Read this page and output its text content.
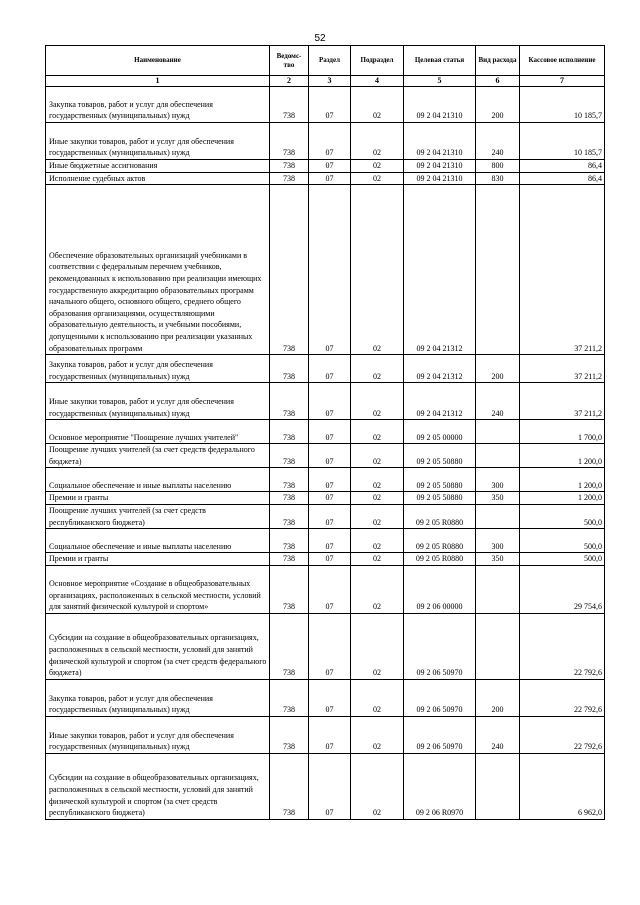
52
Наименование	Ведомс-тво	Раздел	Подраздел	Целевая статья	Вид расхода	Кассовое исполнение
1	2	3	4	5	6	7
Закупка товаров, работ и услуг для обеспечения государственных (муниципальных) нужд	738	07	02	09 2 04 21310	200	10 185,7
Иные закупки товаров, работ и услуг для обеспечения государственных (муниципальных) нужд	738	07	02	09 2 04 21310	240	10 185,7
Иные бюджетные ассигнования	738	07	02	09 2 04 21310	800	86,4
Исполнение судебных актов	738	07	02	09 2 04 21310	830	86,4
Обеспечение образовательных организаций учебниками в соответствии с федеральным перечнем учебников, рекомендованных к использованию при реализации имеющих государственную аккредитацию образовательных программ начального общего, основного общего, среднего общего образования организациями, осуществляющими образовательную деятельность, и учебными пособиями, допущенными к использованию при реализации указанных образовательных программ	738	07	02	09 2 04 21312		37 211,2
Закупка товаров, работ и услуг для обеспечения государственных (муниципальных) нужд	738	07	02	09 2 04 21312	200	37 211,2
Иные закупки товаров, работ и услуг для обеспечения государственных (муниципальных) нужд	738	07	02	09 2 04 21312	240	37 211,2
Основное мероприятие "Поощрение лучших учителей"	738	07	02	09 2 05 00000		1 700,0
Поощрение лучших учителей (за счет средств федерального бюджета)	738	07	02	09 2 05 50880		1 200,0
Социальное обеспечение и иные выплаты населению	738	07	02	09 2 05 50880	300	1 200,0
Премии и гранты	738	07	02	09 2 05 50880	350	1 200,0
Поощрение лучших учителей (за счет средств республиканского бюджета)	738	07	02	09 2 05 R0880		500,0
Социальное обеспечение и иные выплаты населению	738	07	02	09 2 05 R0880	300	500,0
Премии и гранты	738	07	02	09 2 05 R0880	350	500,0
Основное мероприятие «Создание в общеобразовательных организациях, расположенных в сельской местности, условий для занятий физической культурой и спортом»	738	07	02	09 2 06 00000		29 754,6
Субсидии на создание в общеобразовательных организациях, расположенных в сельской местности, условий для занятий физической культурой и спортом (за счет средств федерального бюджета)	738	07	02	09 2 06 50970		22 792,6
Закупка товаров, работ и услуг для обеспечения государственных (муниципальных) нужд	738	07	02	09 2 06 50970	200	22 792,6
Иные закупки товаров, работ и услуг для обеспечения государственных (муниципальных) нужд	738	07	02	09 2 06 50970	240	22 792,6
Субсидии на создание в общеобразовательных организациях, расположенных в сельской местности, условий для занятий физической культурой и спортом (за счет средств республиканского бюджета)	738	07	02	09 2 06 R0970		6 962,0
